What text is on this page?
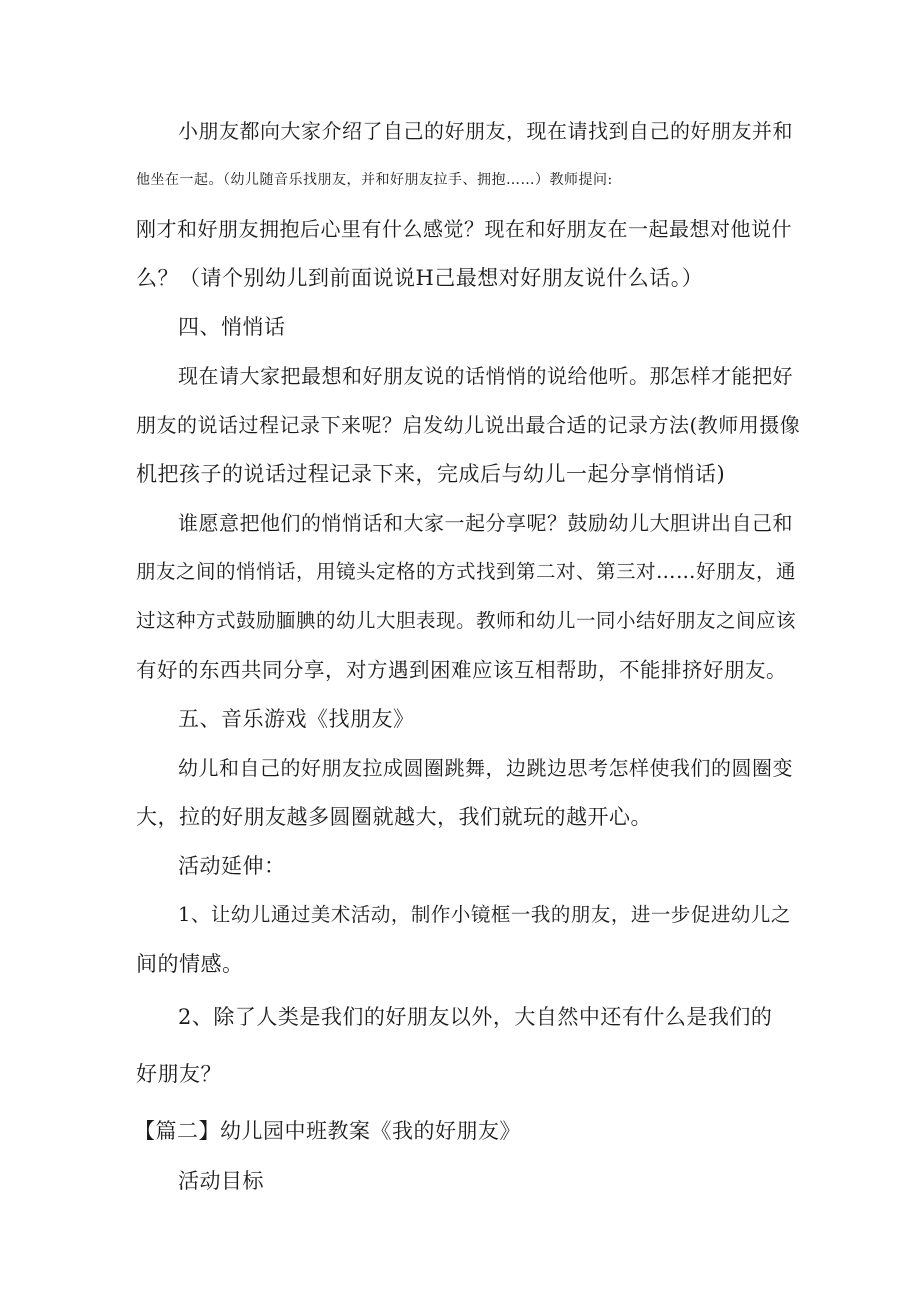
小朋友都向大家介绍了自己的好朋友，现在请找到自己的好朋友并和
他坐在一起。（幼儿随音乐找朋友，并和好朋友拉手、拥抱……）教师提问:
刚才和好朋友拥抱后心里有什么感觉？现在和好朋友在一起最想对他说什
么？（请个别幼儿到前面说说H己最想对好朋友说什么话。）
四、悄悄话
现在请大家把最想和好朋友说的话悄悄的说给他听。那怎样才能把好
朋友的说话过程记录下来呢？启发幼儿说出最合适的记录方法(教师用摄像
机把孩子的说话过程记录下来，完成后与幼儿一起分享悄悄话)
谁愿意把他们的悄悄话和大家一起分享呢？鼓励幼儿大胆讲出自己和
朋友之间的悄悄话，用镜头定格的方式找到第二对、第三对……好朋友，通
过这种方式鼓励腼腆的幼儿大胆表现。教师和幼儿一同小结好朋友之间应该
有好的东西共同分享，对方遇到困难应该互相帮助，不能排挤好朋友。
五、音乐游戏《找朋友》
幼儿和自己的好朋友拉成圆圈跳舞，边跳边思考怎样使我们的圆圈变
大，拉的好朋友越多圆圈就越大，我们就玩的越开心。
活动延伸：
1、让幼儿通过美术活动，制作小镜框一我的朋友，进一步促进幼儿之
间的情感。
2、除了人类是我们的好朋友以外，大自然中还有什么是我们的
好朋友？
【篇二】幼儿园中班教案《我的好朋友》
活动目标
